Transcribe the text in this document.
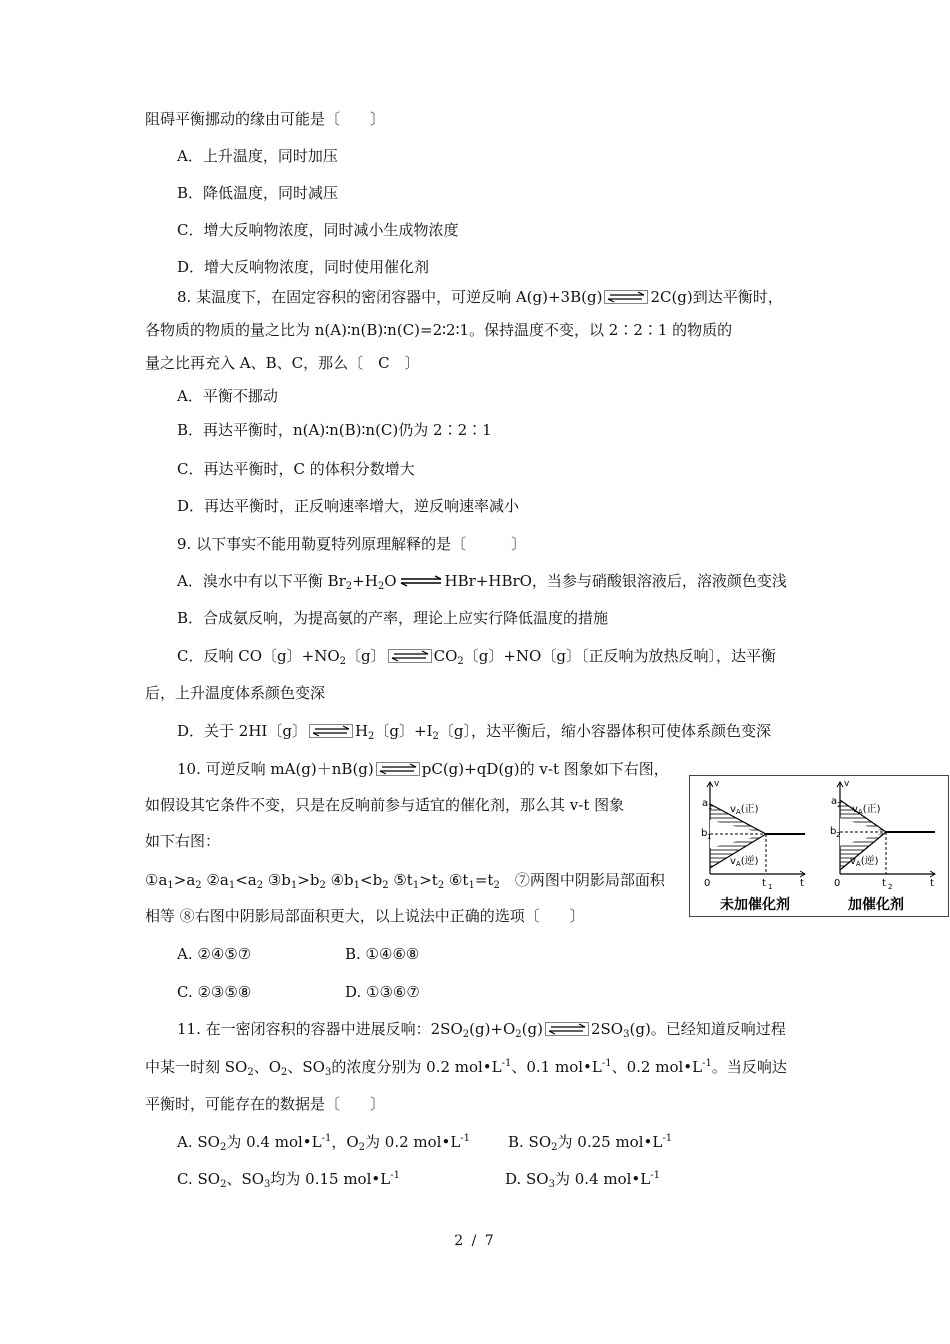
阻碍平衡挪动的缘由可能是〔　　〕
A．上升温度，同时加压
B．降低温度，同时减压
C．增大反响物浓度，同时减小生成物浓度
D．增大反响物浓度，同时使用催化剂
8. 某温度下，在固定容积的密闭容器中，可逆反响 A(g)+3B(g)	2C(g)到达平衡时，
各物质的物质的量之比为 n(A)∶n(B)∶n(C)=2∶2∶1。保持温度不变，以 2∶2∶1 的物质的
量之比再充入 A、B、C，那么〔　C　〕
A．平衡不挪动
B．再达平衡时，n(A)∶n(B)∶n(C)仍为 2∶2∶1
C．再达平衡时，C 的体积分数增大
D．再达平衡时，正反响速率增大，逆反响速率减小
9. 以下事实不能用勒夏特列原理解释的是〔　　　〕
A．溴水中有以下平衡 $Br_2+H_2O$ ⇌ HBr+HBrO，当参与硝酸银溶液后，溶液颜色变浅
B．合成氨反响，为提高氨的产率，理论上应实行降低温度的措施
C．反响 CO〔g〕$+NO_2$〔g〕	$CO_2$〔g〕+NO〔g〕〔正反响为放热反响〕，达平衡
后，上升温度体系颜色变深
D．关于 2HI〔g〕	$H_2$〔g〕$+I_2$〔g〕，达平衡后，缩小容器体积可使体系颜色变深
10. 可逆反响 mA(g)＋nB(g)	pC(g)+qD(g)的 v-t 图象如下右图，
如假设其它条件不变，只是在反响前参与适宜的催化剂，那么其 v-t 图象
如下右图：
$①a_1>a_2$ $②a_1<a_2$ $③b_1>b_2$ $④b_1<b_2$ $⑤t_1>t_2$ $⑥t_1=t_2$　 ⑦两图中阴影局部面积
相等 ⑧右图中阴影局部面积更大，以上说法中正确的选项〔　　〕
A. ②④⑤⑦	B. ①④⑥⑧
C. ②③⑤⑧	D. ①③⑥⑦
a 1
b 1
v
0	t 1	t
$v_A$(正)
$v_A$(逆)
未加催化剂
a 2
b 2
v
0	t 2	t
$v_A$(正)
$v_A$(逆)
加催化剂
11. 在一密闭容积的容器中进展反响：$2SO_2(g)+O_2(g)$	$2SO_3(g)$。已经知道反响过程
中某一时刻 $SO_2$、$O_2$、$SO_3$的浓度分别为 0.2 $mol•L^{-1}$、0.1 $mol•L^{-1}$、0.2 $mol•L^{-1}$。当反响达
平衡时，可能存在的数据是〔　　〕
A. $SO_2$为 0.4 $mol•L^{-1}$，$O_2$为 0.2 $mol•L^{-1}$	B. $SO_2$为 0.25 $mol•L^{-1}$
C. $SO_2$、$SO_3$均为 0.15 $mol•L^{-1}$	D. $SO_3$为 0.4 $mol•L^{-1}$
2 / 7
